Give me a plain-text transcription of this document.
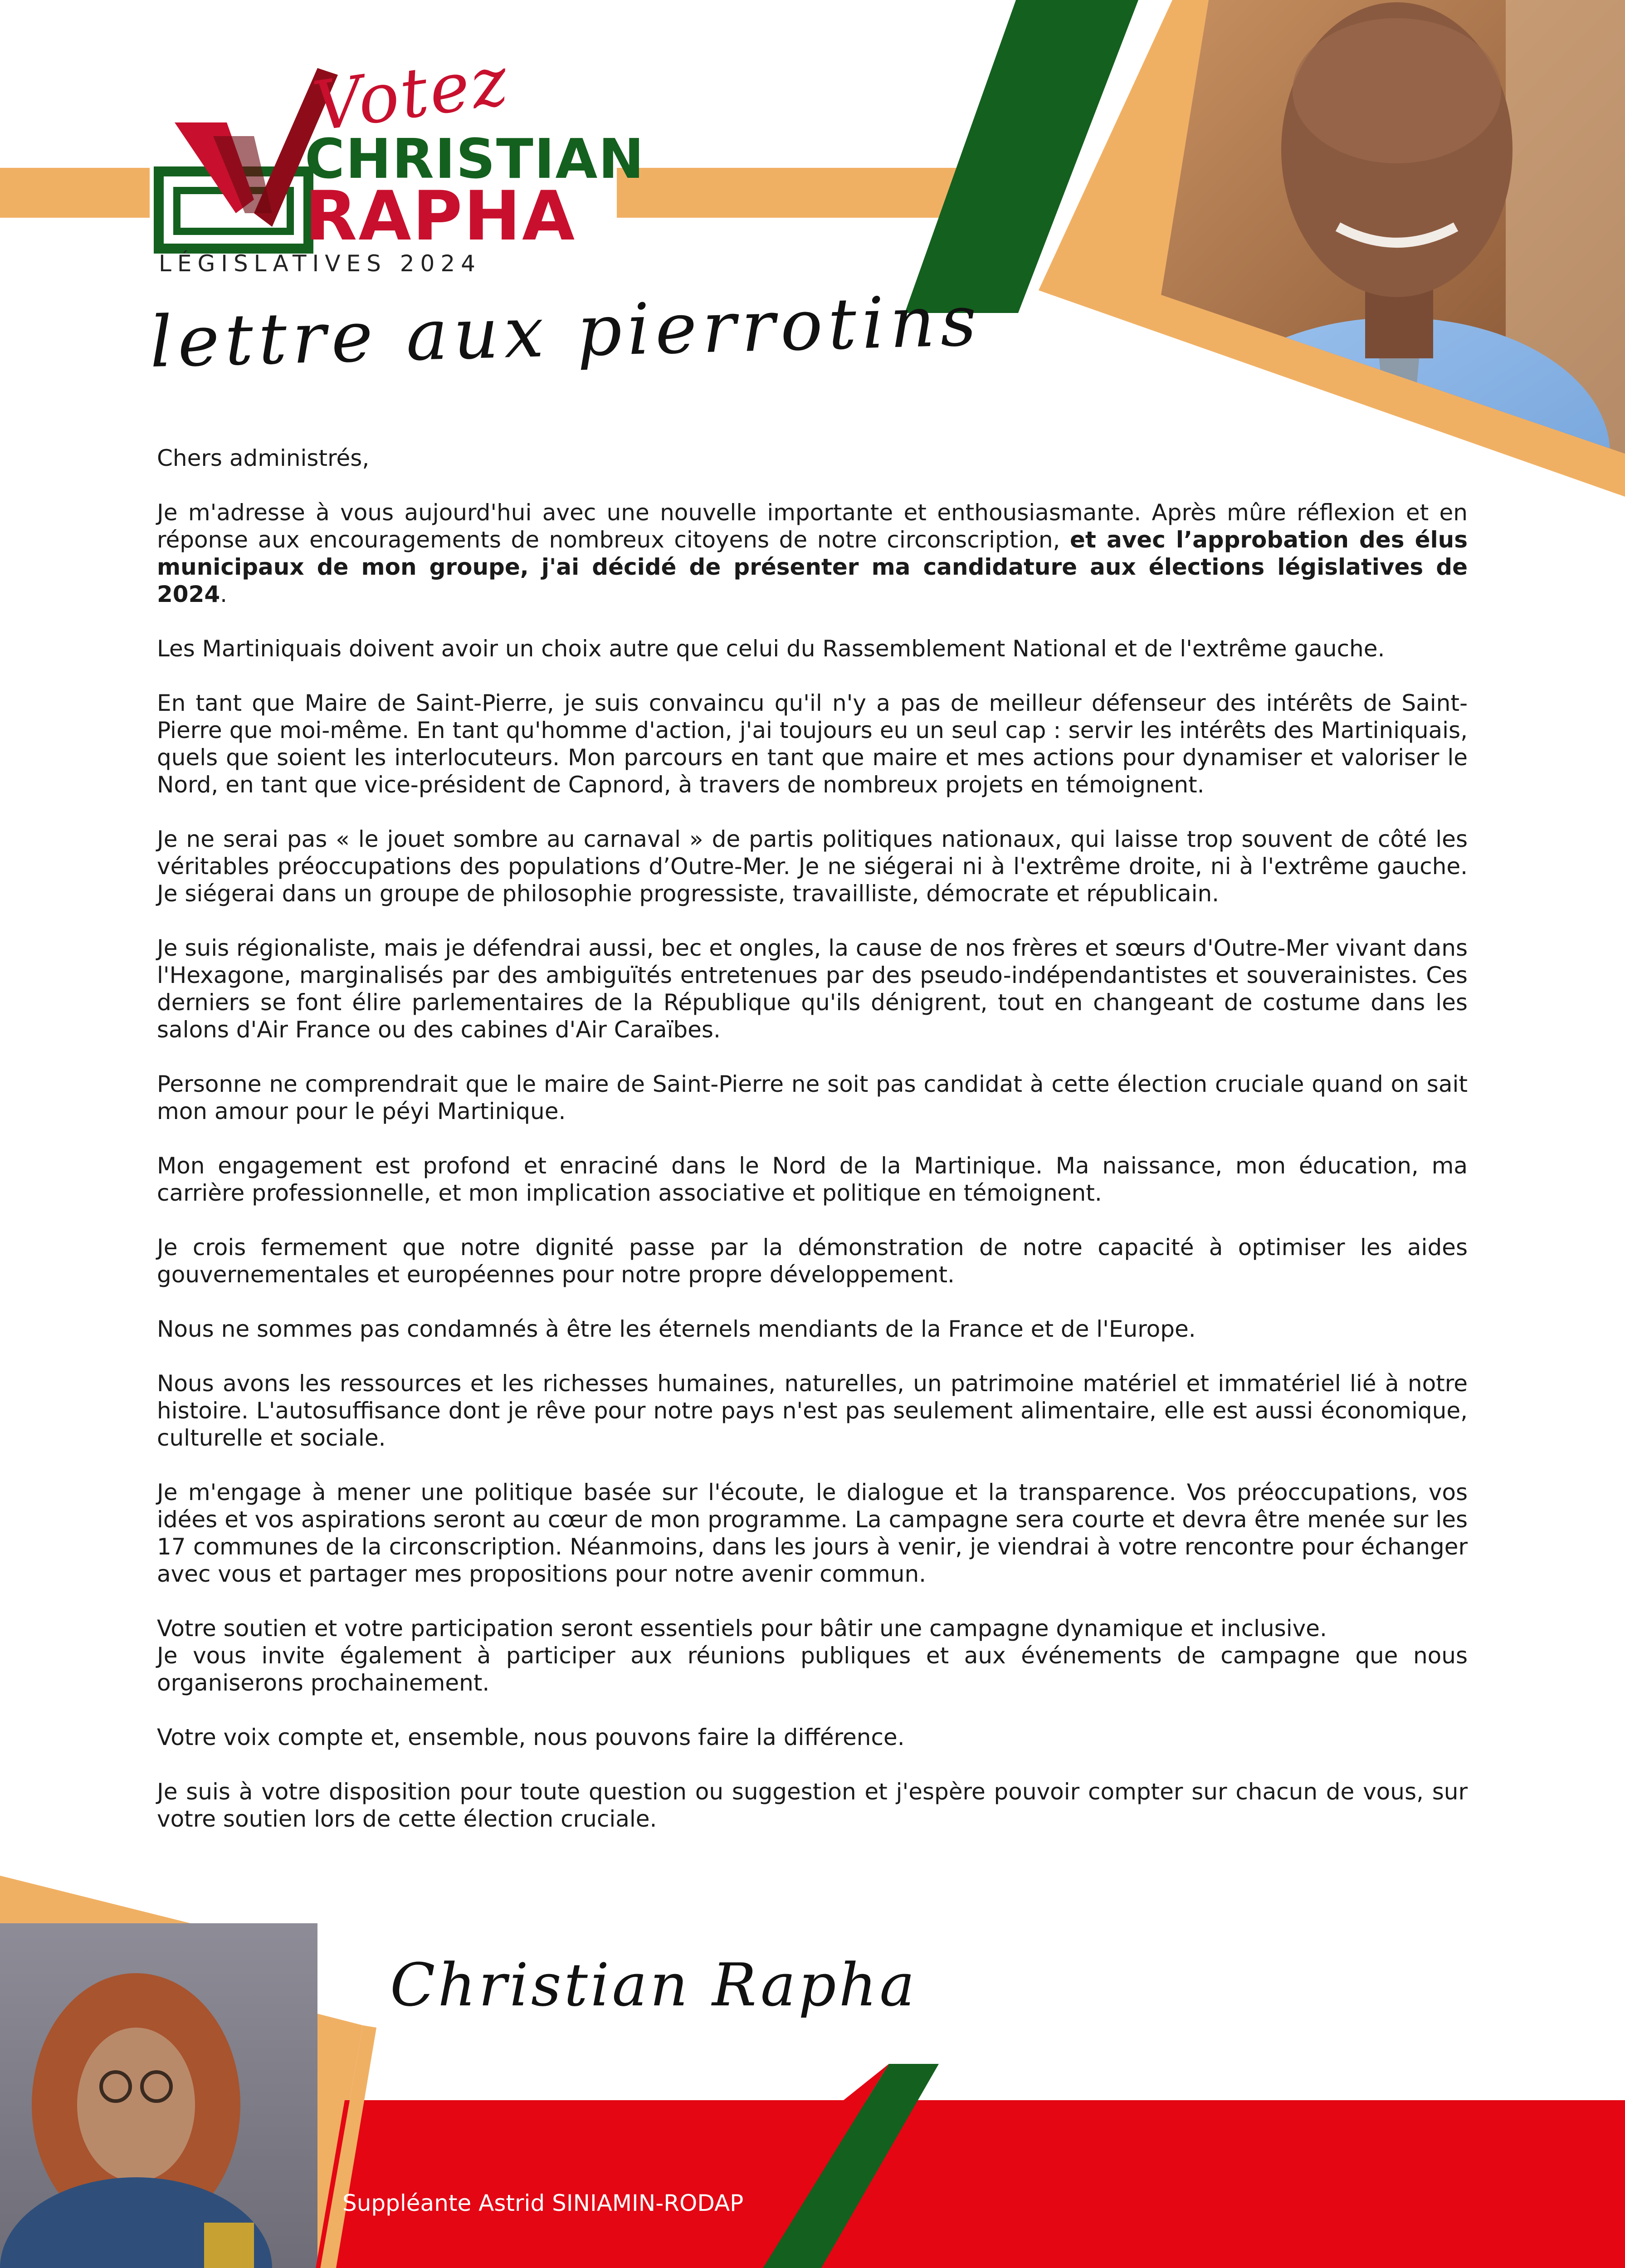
Votez
CHRISTIAN
RAPHA
LÉGISLATIVES 2024
lettre aux pierrotins

Chers administrés,

Je m'adresse à vous aujourd'hui avec une nouvelle importante et enthousiasmante. Après mûre réflexion et en réponse aux encouragements de nombreux citoyens de notre circonscription, et avec l’approbation des élus municipaux de mon groupe, j'ai décidé de présenter ma candidature aux élections législatives de 2024.

Les Martiniquais doivent avoir un choix autre que celui du Rassemblement National et de l'extrême gauche.

En tant que Maire de Saint-Pierre, je suis convaincu qu'il n'y a pas de meilleur défenseur des intérêts de Saint-Pierre que moi-même. En tant qu'homme d'action, j'ai toujours eu un seul cap : servir les intérêts des Martiniquais, quels que soient les interlocuteurs. Mon parcours en tant que maire et mes actions pour dynamiser et valoriser le Nord, en tant que vice-président de Capnord, à travers de nombreux projets en témoignent.

Je ne serai pas « le jouet sombre au carnaval » de partis politiques nationaux, qui laisse trop souvent de côté les véritables préoccupations des populations d’Outre-Mer. Je ne siégerai ni à l'extrême droite, ni à l'extrême gauche. Je siégerai dans un groupe de philosophie progressiste, travailliste, démocrate et républicain.

Je suis régionaliste, mais je défendrai aussi, bec et ongles, la cause de nos frères et sœurs d'Outre-Mer vivant dans l'Hexagone, marginalisés par des ambiguïtés entretenues par des pseudo-indépendantistes et souverainistes. Ces derniers se font élire parlementaires de la République qu'ils dénigrent, tout en changeant de costume dans les salons d'Air France ou des cabines d'Air Caraïbes.

Personne ne comprendrait que le maire de Saint-Pierre ne soit pas candidat à cette élection cruciale quand on sait mon amour pour le péyi Martinique.

Mon engagement est profond et enraciné dans le Nord de la Martinique. Ma naissance, mon éducation, ma carrière professionnelle, et mon implication associative et politique en témoignent.

Je crois fermement que notre dignité passe par la démonstration de notre capacité à optimiser les aides gouvernementales et européennes pour notre propre développement.

Nous ne sommes pas condamnés à être les éternels mendiants de la France et de l'Europe.

Nous avons les ressources et les richesses humaines, naturelles, un patrimoine matériel et immatériel lié à notre histoire. L'autosuffisance dont je rêve pour notre pays n'est pas seulement alimentaire, elle est aussi économique, culturelle et sociale.

Je m'engage à mener une politique basée sur l'écoute, le dialogue et la transparence. Vos préoccupations, vos idées et vos aspirations seront au cœur de mon programme. La campagne sera courte et devra être menée sur les 17 communes de la circonscription. Néanmoins, dans les jours à venir, je viendrai à votre rencontre pour échanger avec vous et partager mes propositions pour notre avenir commun.

Votre soutien et votre participation seront essentiels pour bâtir une campagne dynamique et inclusive.

Je vous invite également à participer aux réunions publiques et aux événements de campagne que nous organiserons prochainement.

Votre voix compte et, ensemble, nous pouvons faire la différence.

Je suis à votre disposition pour toute question ou suggestion et j'espère pouvoir compter sur chacun de vous, sur votre soutien lors de cette élection cruciale.

Christian Rapha
Suppléante Astrid SINIAMIN-RODAP
